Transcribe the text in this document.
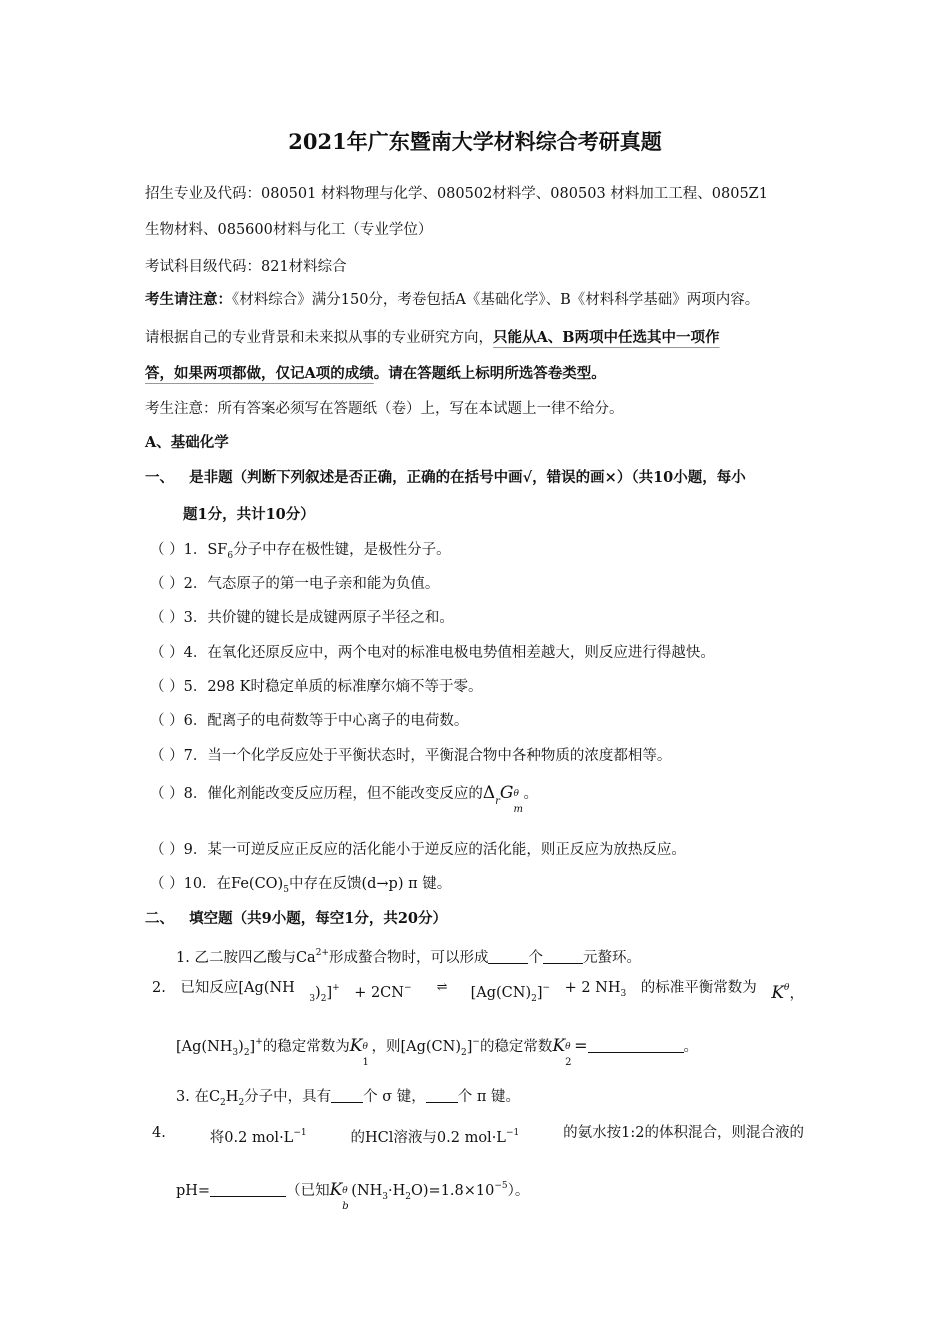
2021年广东暨南大学材料综合考研真题
招生专业及代码：080501 材料物理与化学、080502材料学、080503 材料加工工程、0805Z1
生物材料、085600材料与化工（专业学位）
考试科目级代码：821材料综合
考生请注意：《材料综合》满分150分，考卷包括A《基础化学》、B《材料科学基础》两项内容。
请根据自己的专业背景和未来拟从事的专业研究方向，只能从A、B两项中任选其中一项作
答，如果两项都做，仅记A项的成绩。请在答题纸上标明所选答卷类型。
考生注意：所有答案必须写在答题纸（卷）上，写在本试题上一律不给分。
A、基础化学
一、 是非题（判断下列叙述是否正确，正确的在括号中画√，错误的画×）（共10小题，每小
题1分，共计10分）
（ ）1．$SF_6$分子中存在极性键，是极性分子。
（ ）2．气态原子的第一电子亲和能为负值。
（ ）3．共价键的键长是成键两原子半径之和。
（ ）4．在氧化还原反应中，两个电对的标准电极电势值相差越大，则反应进行得越快。
（ ）5．298 K时稳定单质的标准摩尔熵不等于零。
（ ）6．配离子的电荷数等于中心离子的电荷数。
（ ）7．当一个化学反应处于平衡状态时，平衡混合物中各种物质的浓度都相等。
（ ）8．催化剂能改变反应历程，但不能改变反应的$\Delta_rG$ θ
m
。
（ ）9．某一可逆反应正反应的活化能小于逆反应的活化能，则正反应为放热反应。
（ ）10．在$Fe(CO)_5$中存在反馈(d→p) π 键。
二、 填空题（共9小题，每空1分，共20分）
1. 乙二胺四乙酸与$Ca^{2+}$形成螯合物时，可以形成	个	元螯环。
2. 已知反应[Ag(NH
$_3)_2]^+ + 2CN^-$	⇌	$[Ag(CN)_2]^- + 2$ $NH_3$ 的标准平衡常数为 $K^\theta$，
$[Ag(NH_3)_2]^+$的稳定常数为K θ
1
，则$[Ag(CN)_2]^-$的稳定常数K θ
2
=	。
3. 在$C_2H_2$分子中，具有 个 σ 键， 个 π 键。
4.	将0.2 $mol\cdot L^{-1}$	的HCl溶液与0.2 $mol\cdot L^{-1}$	的氨水按1:2的体积混合，则混合液的
pH=	（已知K θ
b
$(NH_3\cdot H_2O)=1.8\times 10^{-5}$）。
